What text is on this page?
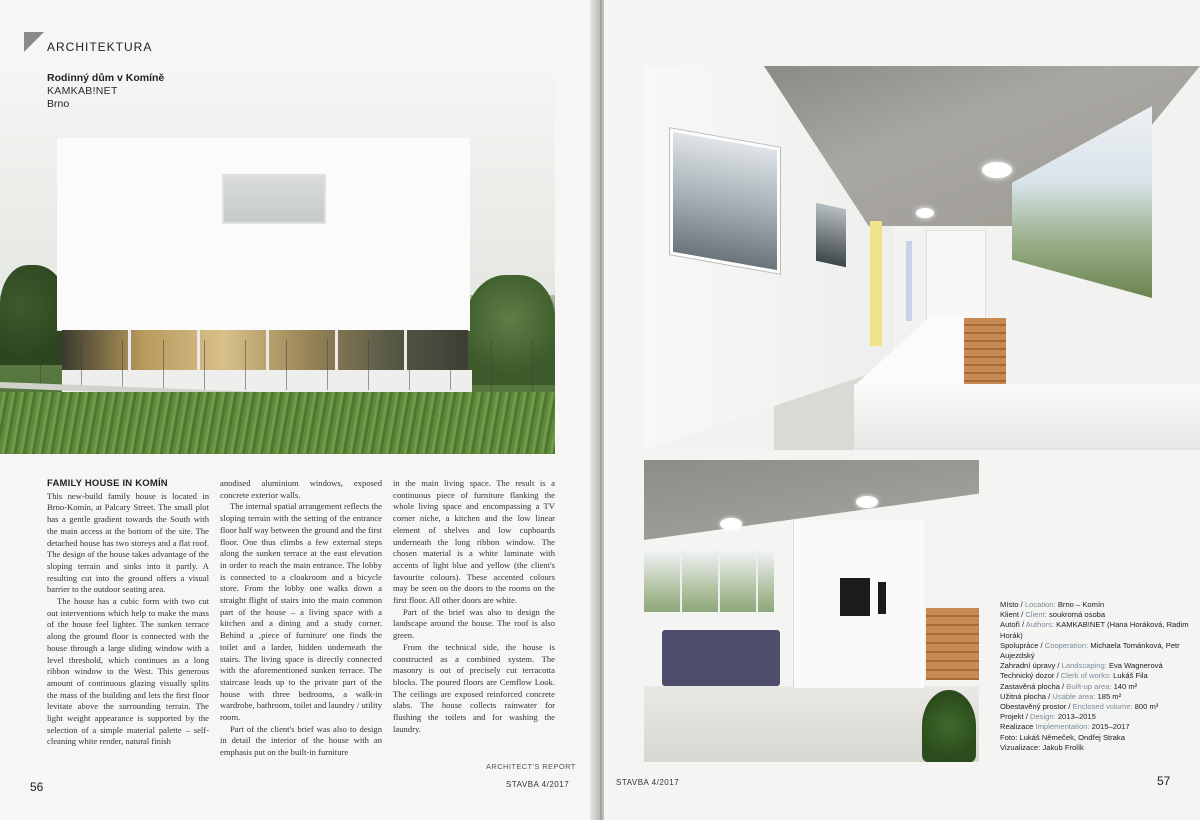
ARCHITEKTURA
Rodinný dům v Komíně
KAMKAB!NET
Brno
FAMILY HOUSE IN KOMÍN

This new-build family house is located in Brno-Komín, at Palcary Street. The small plot has a gentle gradient towards the South with the main access at the bottom of the site. The detached house has two storeys and a flat roof. The design of the house takes advantage of the sloping terrain and sinks into it partly. A resulting cut into the ground offers a visual barrier to the outdoor seating area.

The house has a cubic form with two cut out interventions which help to make the mass of the house feel lighter. The sunken terrace along the ground floor is connected with the house through a large sliding window with a level threshold, which continues as a long ribbon window to the West. This generous amount of continuous glazing visually splits the mass of the building and lets the first floor levitate above the surrounding terrain. The light weight appearance is supported by the selection of a simple material palette – self-cleaning white render, natural finish

anodised aluminium windows, exposed concrete exterior walls.

The internal spatial arrangement reflects the sloping terrain with the setting of the entrance floor half way between the ground and the first floor. One thus climbs a few external steps along the sunken terrace at the east elevation in order to reach the main entrance. The lobby is connected to a cloakroom and a bicycle store. From the lobby one walks down a straight flight of stairs into the main common part of the house – a living space with a kitchen and a dining and a study corner. Behind a ‚piece of furniture' one finds the toilet and a larder, hidden underneath the stairs. The living space is directly connected with the aforementioned sunken terrace. The staircase leads up to the private part of the house with three bedrooms, a walk-in wardrobe, bathroom, toilet and laundry / utility room.

Part of the client's brief was also to design in detail the interior of the house with an emphasis put on the built-in furniture

in the main living space. The result is a continuous piece of furniture flanking the whole living space and encompassing a TV corner niche, a kitchen and the low linear element of shelves and low cupboards underneath the long ribbon window. The chosen material is a white laminate with accents of light blue and yellow (the client's favourite colours). These accented colours may be seen on the doors to the rooms on the first floor. All other doors are white.

Part of the brief was also to design the landscape around the house. The roof is also green.

From the technical side, the house is constructed as a combined system. The masonry is out of precisely cut terracotta blocks. The poured floors are Cemflow Look. The ceilings are exposed reinforced concrete slabs. The house collects rainwater for flushing the toilets and for washing the laundry.

ARCHITECT'S REPORT
56	STAVBA 4/2017
Místo / Location: Brno – Komín
Klient / Client: soukromá osoba
Autoři / Authors: KAMKAB!NET (Hana Horáková, Radim Horák)
Spolupráce / Cooperation: Michaela Tománková, Petr Aujezdský
Zahradní úpravy / Landscaping: Eva Wagnerová
Technický dozor / Clerk of works: Lukáš Fila
Zastavěná plocha / Built-up area: 140 m²
Užitná plocha / Usable area: 185 m²
Obestavěný prostor / Enclosed volume: 800 m³
Projekt / Design: 2013–2015
Realizace Implementation: 2015–2017
Foto: Lukáš Němeček, Ondřej Straka
Vizualizace: Jakub Frolík
STAVBA 4/2017	57
